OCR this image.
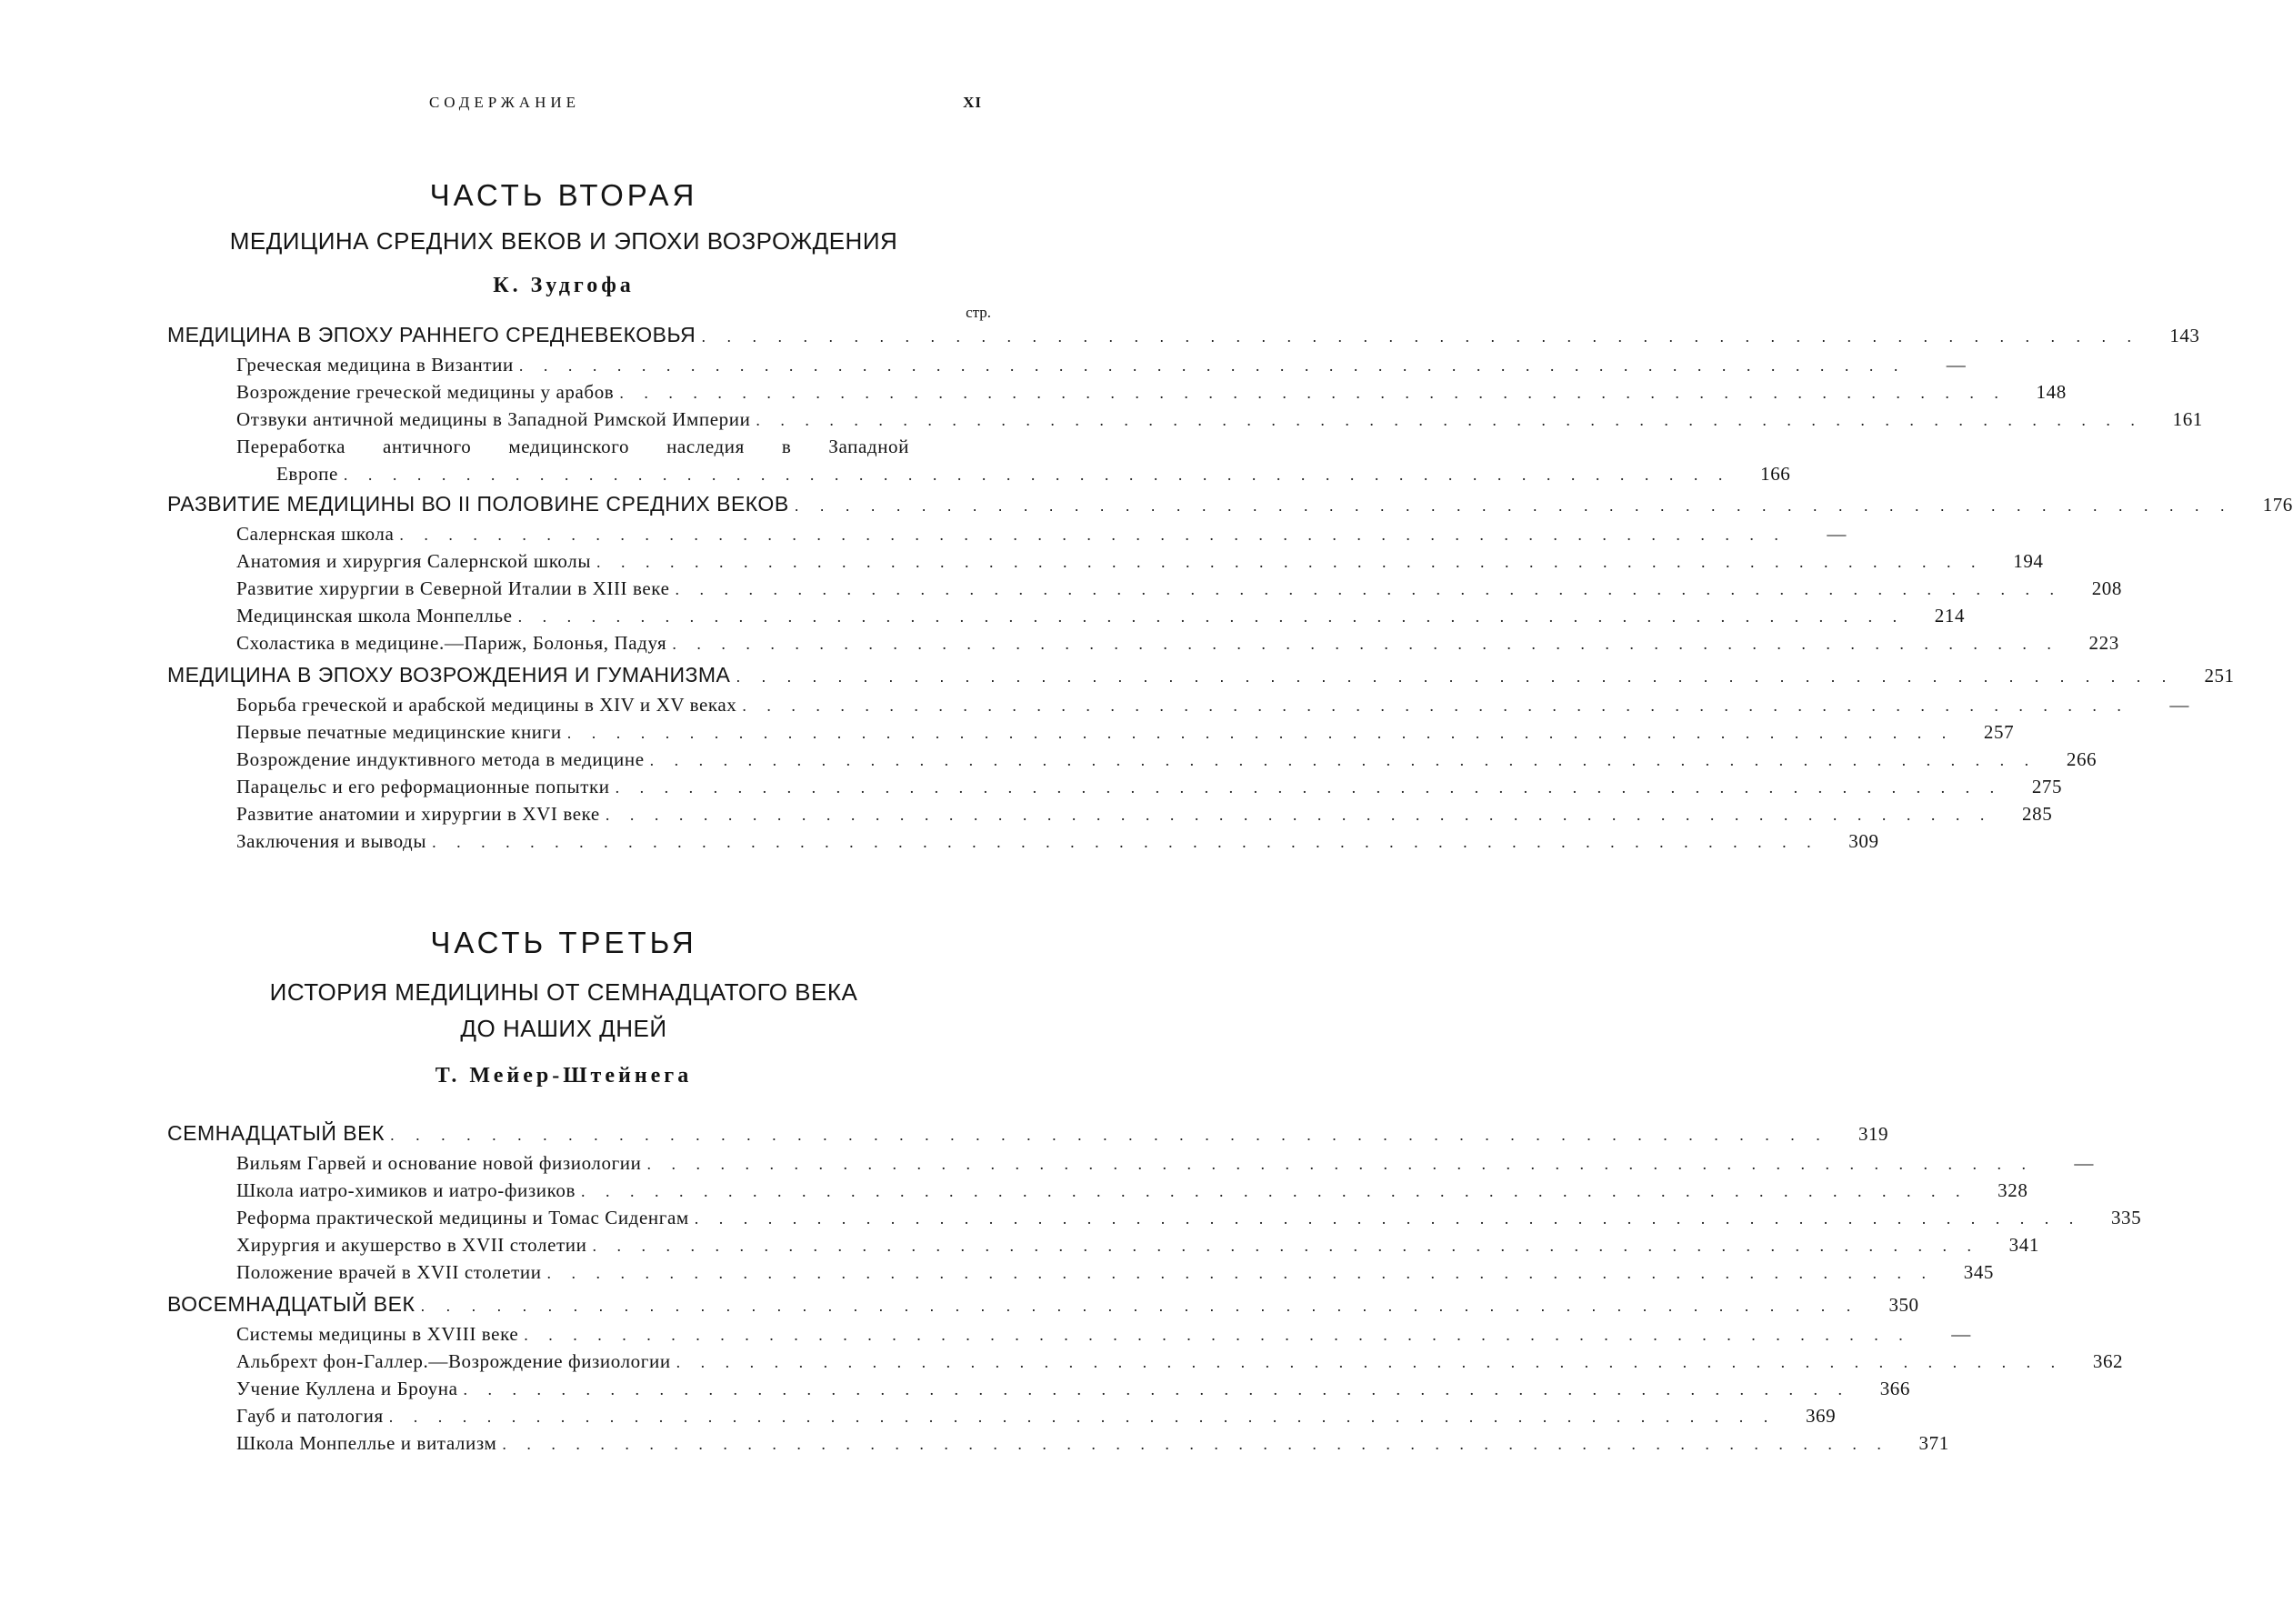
СОДЕРЖАНИЕ	XI
ЧАСТЬ ВТОРАЯ
МЕДИЦИНА СРЕДНИХ ВЕКОВ И ЭПОХИ ВОЗРОЖДЕНИЯ
К. Зудгофа
стр.
МЕДИЦИНА В ЭПОХУ РАННЕГО СРЕДНЕВЕКОВЬЯ . . . . . . . . . . . . . . . . . . . . . . . . . . . . . . . . . . . . . . . . . . . . . . . . . . . . . . . . .	143
Греческая медицина в Византии . . . . . . . . . . . . . . . . . . . . . . . . . . . . . . . . . . . . . . . . . . . . . . . . . . . . . . . . .	—
Возрождение греческой медицины у арабов . . . . . . . . . . . . . . . . . . . . . . . . . . . . . . . . . . . . . . . . . . . . . . . . . . . . . . . . .	148
Отзвуки античной медицины в Западной Римской Империи . . . . . . . . . . . . . . . . . . . . . . . . . . . . . . . . . . . . . . . . . . . . . . . . . . . . . . . . .	161
Переработка античного медицинского наследия в Западной
Европе . . . . . . . . . . . . . . . . . . . . . . . . . . . . . . . . . . . . . . . . . . . . . . . . . . . . . . . . .	166
РАЗВИТИЕ МЕДИЦИНЫ ВО II ПОЛОВИНЕ СРЕДНИХ ВЕКОВ . . . . . . . . . . . . . . . . . . . . . . . . . . . . . . . . . . . . . . . . . . . . . . . . . . . . . . . . .	176
Салернская школа . . . . . . . . . . . . . . . . . . . . . . . . . . . . . . . . . . . . . . . . . . . . . . . . . . . . . . . . .	—
Анатомия и хирургия Салернской школы . . . . . . . . . . . . . . . . . . . . . . . . . . . . . . . . . . . . . . . . . . . . . . . . . . . . . . . . .	194
Развитие хирургии в Северной Италии в XIII веке . . . . . . . . . . . . . . . . . . . . . . . . . . . . . . . . . . . . . . . . . . . . . . . . . . . . . . . . .	208
Медицинская школа Монпеллье . . . . . . . . . . . . . . . . . . . . . . . . . . . . . . . . . . . . . . . . . . . . . . . . . . . . . . . . .	214
Схоластика в медицине.—Париж, Болонья, Падуя . . . . . . . . . . . . . . . . . . . . . . . . . . . . . . . . . . . . . . . . . . . . . . . . . . . . . . . . .	223
МЕДИЦИНА В ЭПОХУ ВОЗРОЖДЕНИЯ И ГУМАНИЗМА . . . . . . . . . . . . . . . . . . . . . . . . . . . . . . . . . . . . . . . . . . . . . . . . . . . . . . . . .	251
Борьба греческой и арабской медицины в XIV и XV веках . . . . . . . . . . . . . . . . . . . . . . . . . . . . . . . . . . . . . . . . . . . . . . . . . . . . . . . . .	—
Первые печатные медицинские книги . . . . . . . . . . . . . . . . . . . . . . . . . . . . . . . . . . . . . . . . . . . . . . . . . . . . . . . . .	257
Возрождение индуктивного метода в медицине . . . . . . . . . . . . . . . . . . . . . . . . . . . . . . . . . . . . . . . . . . . . . . . . . . . . . . . . .	266
Парацельс и его реформационные попытки . . . . . . . . . . . . . . . . . . . . . . . . . . . . . . . . . . . . . . . . . . . . . . . . . . . . . . . . .	275
Развитие анатомии и хирургии в XVI веке . . . . . . . . . . . . . . . . . . . . . . . . . . . . . . . . . . . . . . . . . . . . . . . . . . . . . . . . .	285
Заключения и выводы . . . . . . . . . . . . . . . . . . . . . . . . . . . . . . . . . . . . . . . . . . . . . . . . . . . . . . . . .	309
ЧАСТЬ ТРЕТЬЯ
ИСТОРИЯ МЕДИЦИНЫ ОТ СЕМНАДЦАТОГО ВЕКА
ДО НАШИХ ДНЕЙ
Т. Мейер-Штейнега
СЕМНАДЦАТЫЙ ВЕК . . . . . . . . . . . . . . . . . . . . . . . . . . . . . . . . . . . . . . . . . . . . . . . . . . . . . . . . .	319
Вильям Гарвей и основание новой физиологии . . . . . . . . . . . . . . . . . . . . . . . . . . . . . . . . . . . . . . . . . . . . . . . . . . . . . . . . .	—
Школа иатро-химиков и иатро-физиков . . . . . . . . . . . . . . . . . . . . . . . . . . . . . . . . . . . . . . . . . . . . . . . . . . . . . . . . .	328
Реформа практической медицины и Томас Сиденгам . . . . . . . . . . . . . . . . . . . . . . . . . . . . . . . . . . . . . . . . . . . . . . . . . . . . . . . . .	335
Хирургия и акушерство в XVII столетии . . . . . . . . . . . . . . . . . . . . . . . . . . . . . . . . . . . . . . . . . . . . . . . . . . . . . . . . .	341
Положение врачей в XVII столетии . . . . . . . . . . . . . . . . . . . . . . . . . . . . . . . . . . . . . . . . . . . . . . . . . . . . . . . . .	345
ВОСЕМНАДЦАТЫЙ ВЕК . . . . . . . . . . . . . . . . . . . . . . . . . . . . . . . . . . . . . . . . . . . . . . . . . . . . . . . . .	350
Системы медицины в XVIII веке . . . . . . . . . . . . . . . . . . . . . . . . . . . . . . . . . . . . . . . . . . . . . . . . . . . . . . . . .	—
Альбрехт фон-Галлер.—Возрождение физиологии . . . . . . . . . . . . . . . . . . . . . . . . . . . . . . . . . . . . . . . . . . . . . . . . . . . . . . . . .	362
Учение Куллена и Броуна . . . . . . . . . . . . . . . . . . . . . . . . . . . . . . . . . . . . . . . . . . . . . . . . . . . . . . . . .	366
Гауб и патология . . . . . . . . . . . . . . . . . . . . . . . . . . . . . . . . . . . . . . . . . . . . . . . . . . . . . . . . .	369
Школа Монпеллье и витализм . . . . . . . . . . . . . . . . . . . . . . . . . . . . . . . . . . . . . . . . . . . . . . . . . . . . . . . . .	371
